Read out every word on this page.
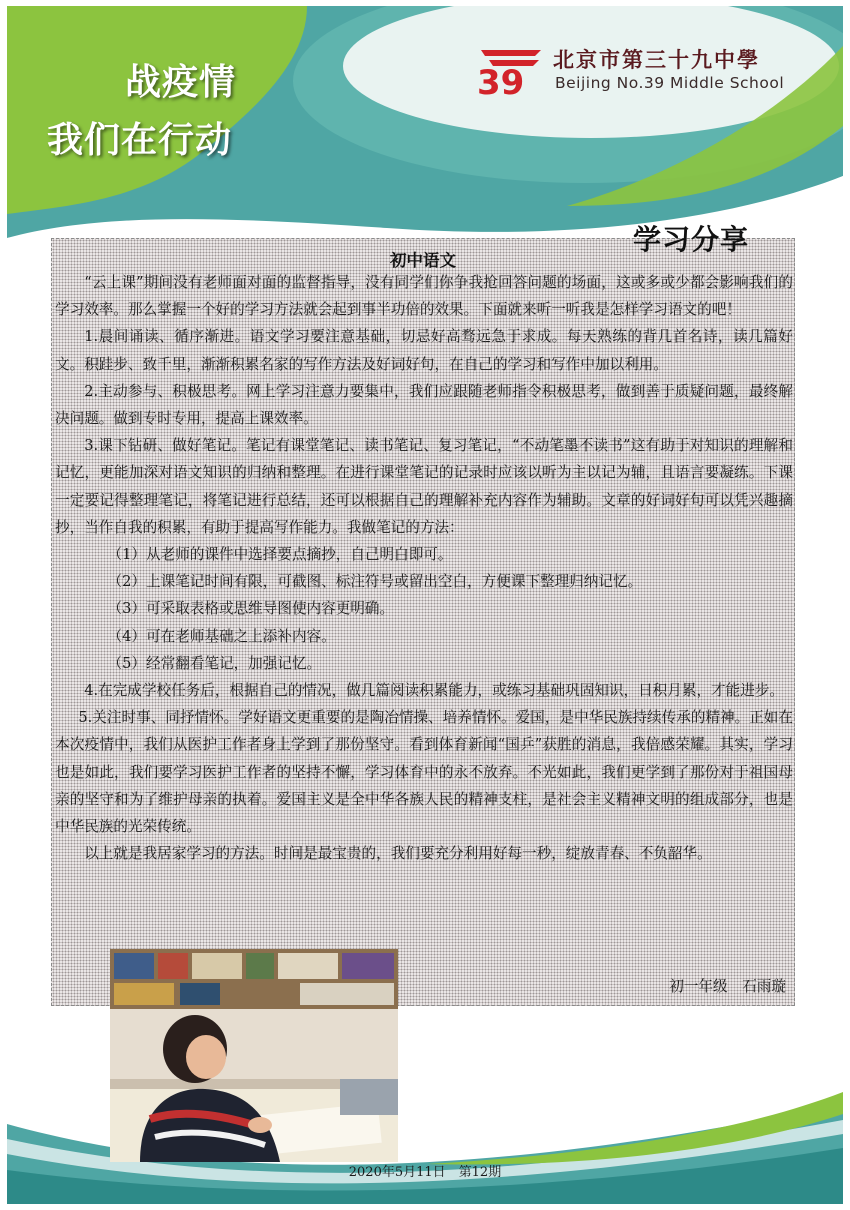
战疫情
我们在行动
39
北京市第三十九中學
Beijing No.39 Middle School
初中语文

“云上课”期间没有老师面对面的监督指导，没有同学们你争我抢回答问题的场面，这或多或少都会影响我们的学习效率。那么掌握一个好的学习方法就会起到事半功倍的效果。下面就来听一听我是怎样学习语文的吧！

1.晨间诵读、循序渐进。语文学习要注意基础，切忌好高骛远急于求成。每天熟练的背几首名诗，读几篇好文。积跬步、致千里，渐渐积累名家的写作方法及好词好句，在自己的学习和写作中加以利用。

2.主动参与、积极思考。网上学习注意力要集中，我们应跟随老师指令积极思考，做到善于质疑问题，最终解决问题。做到专时专用，提高上课效率。

3.课下钻研、做好笔记。笔记有课堂笔记、读书笔记、复习笔记，“不动笔墨不读书”这有助于对知识的理解和记忆，更能加深对语文知识的归纳和整理。在进行课堂笔记的记录时应该以听为主以记为辅，且语言要凝练。下课一定要记得整理笔记，将笔记进行总结，还可以根据自己的理解补充内容作为辅助。文章的好词好句可以凭兴趣摘抄，当作自我的积累，有助于提高写作能力。我做笔记的方法：

（1）从老师的课件中选择要点摘抄，自己明白即可。

（2）上课笔记时间有限，可截图、标注符号或留出空白，方便课下整理归纳记忆。

（3）可采取表格或思维导图使内容更明确。

（4）可在老师基础之上添补内容。

（5）经常翻看笔记，加强记忆。

4.在完成学校任务后，根据自己的情况，做几篇阅读积累能力，或练习基础巩固知识，日积月累，才能进步。

5.关注时事、同抒情怀。学好语文更重要的是陶冶情操、培养情怀。爱国，是中华民族持续传承的精神。正如在本次疫情中，我们从医护工作者身上学到了那份坚守。看到体育新闻“国乒”获胜的消息，我倍感荣耀。其实，学习也是如此，我们要学习医护工作者的坚持不懈，学习体育中的永不放弃。不光如此，我们更学到了那份对于祖国母亲的坚守和为了维护母亲的执着。爱国主义是全中华各族人民的精神支柱，是社会主义精神文明的组成部分，也是中华民族的光荣传统。

以上就是我居家学习的方法。时间是最宝贵的，我们要充分利用好每一秒，绽放青春、不负韶华。

初一年级　石雨璇
学习分享
2020年5月11日　第12期
